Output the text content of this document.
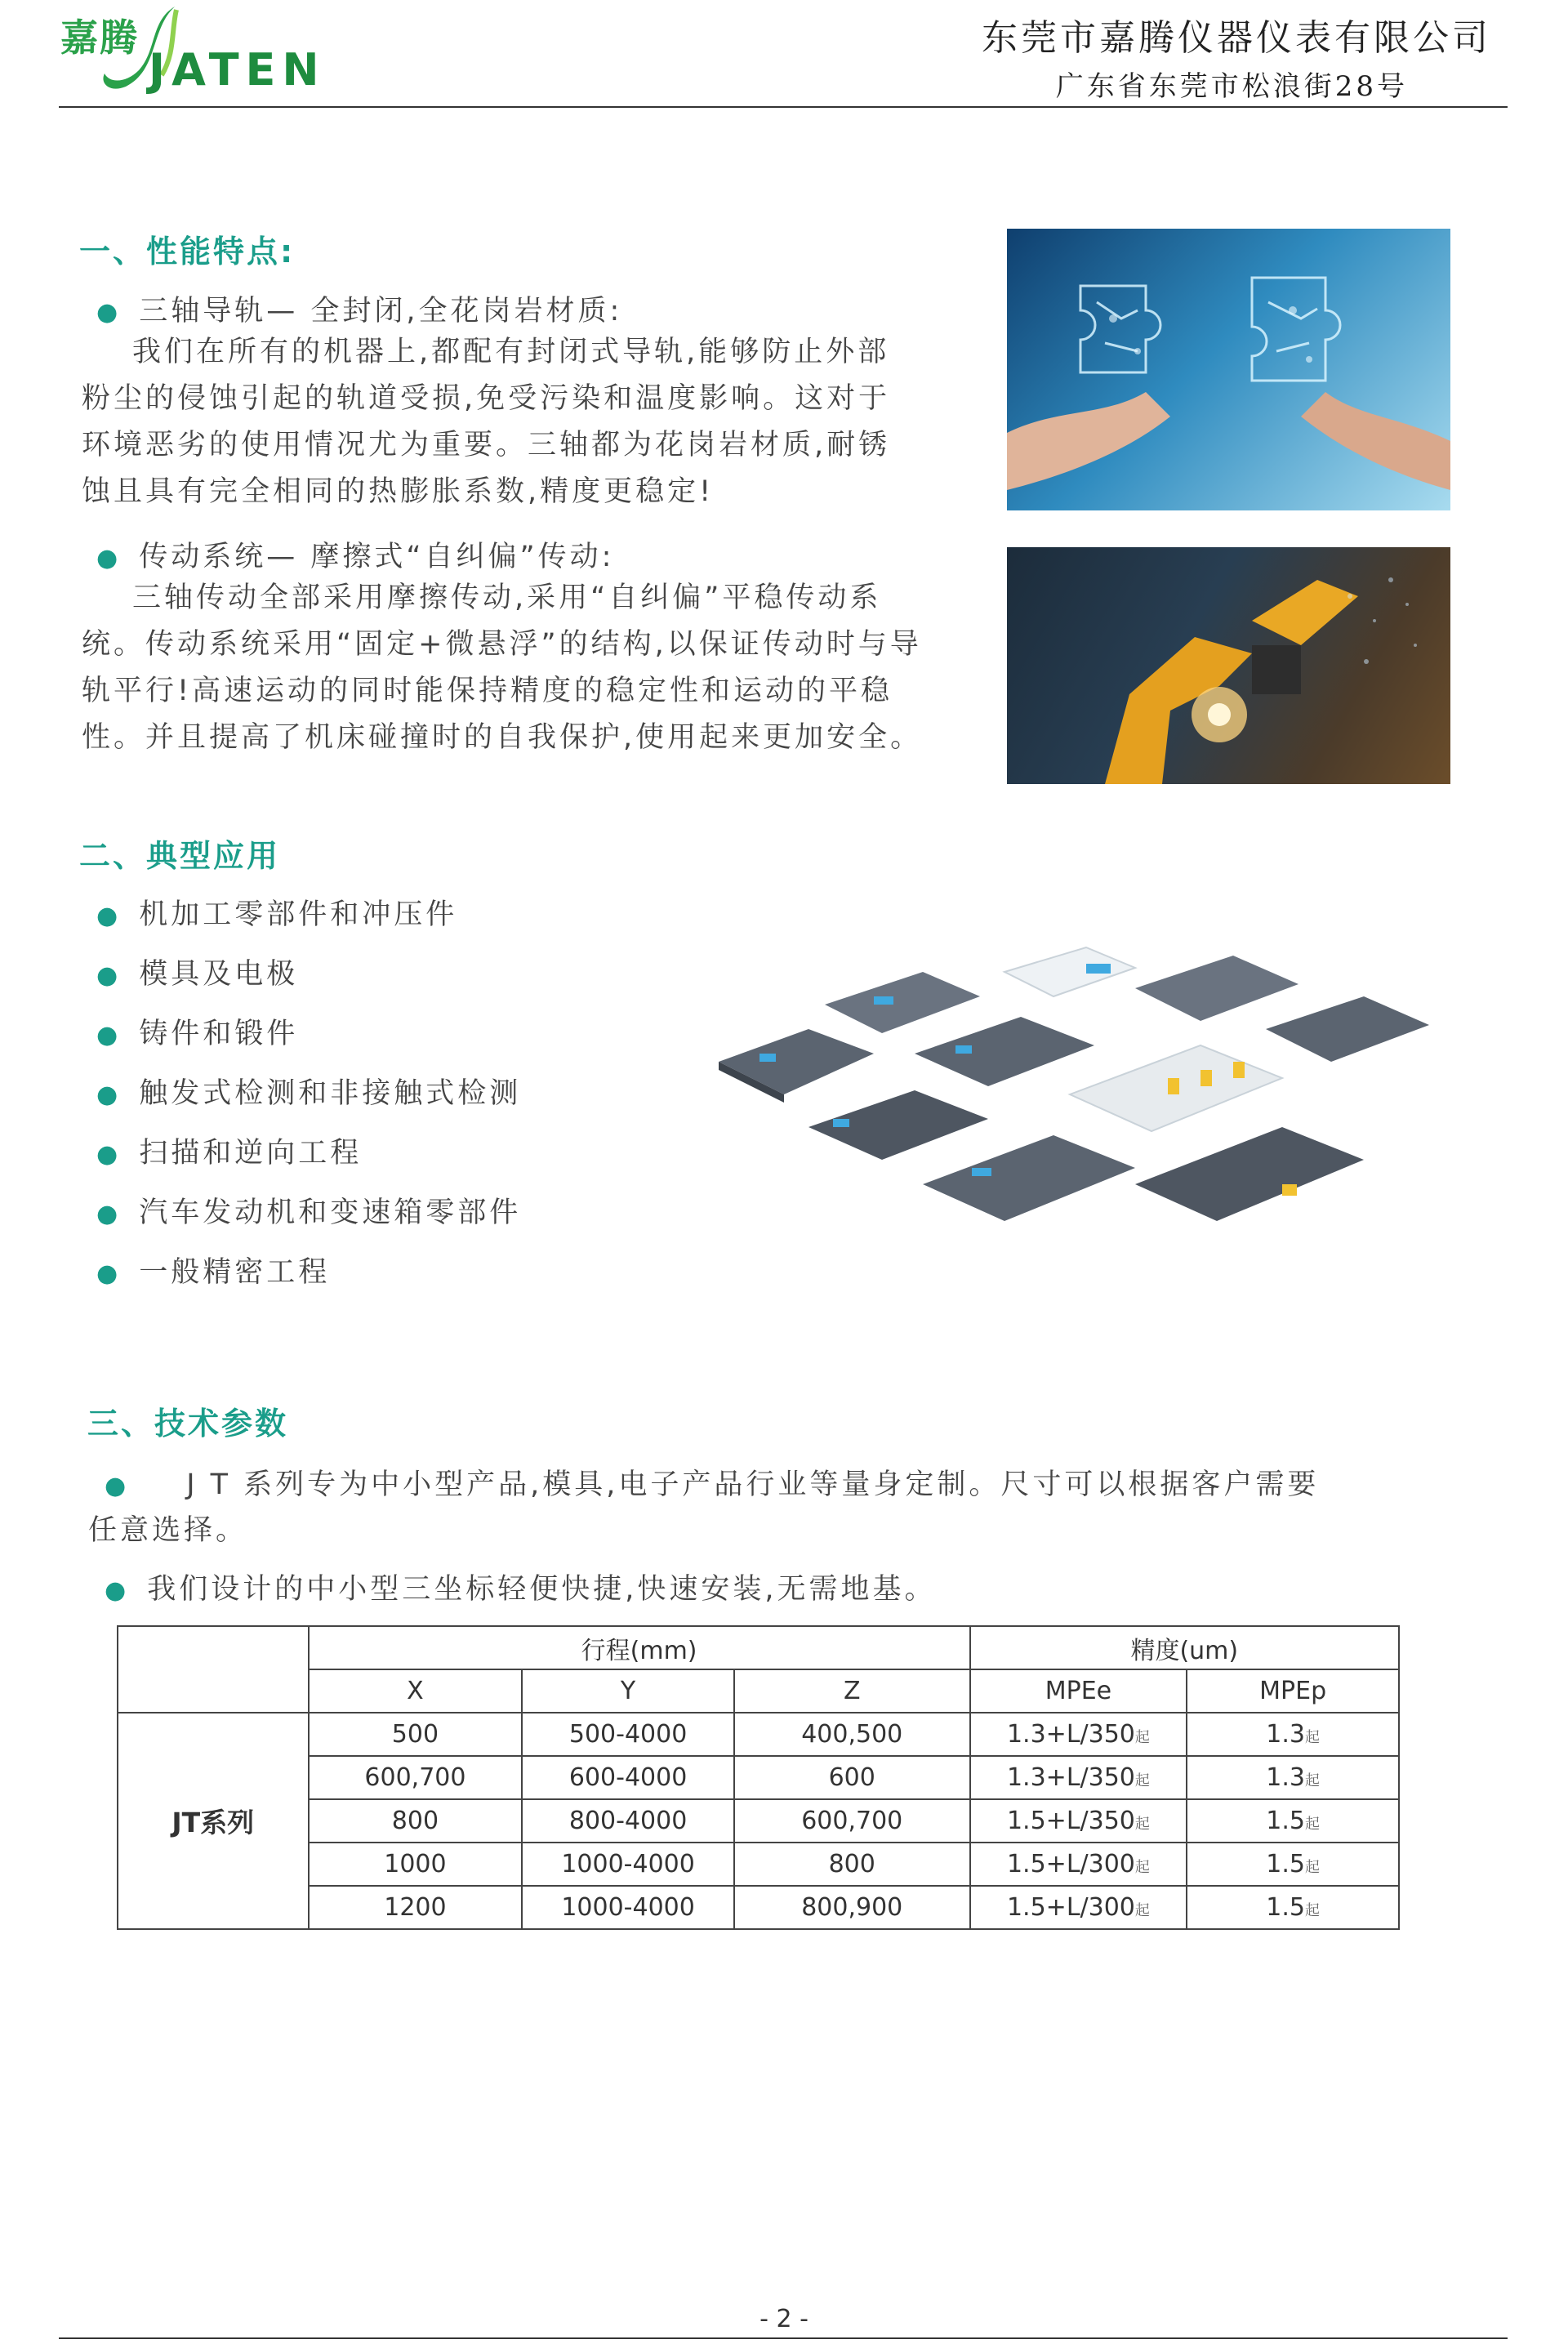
嘉腾
JATEN
东莞市嘉腾仪器仪表有限公司
广东省东莞市松浪街28号
一、性能特点:
● 三轴导轨— 全封闭,全花岗岩材质:
我们在所有的机器上,都配有封闭式导轨,能够防止外部
粉尘的侵蚀引起的轨道受损,免受污染和温度影响。这对于
环境恶劣的使用情况尤为重要。三轴都为花岗岩材质,耐锈
蚀且具有完全相同的热膨胀系数,精度更稳定!
● 传动系统— 摩擦式“自纠偏”传动:
三轴传动全部采用摩擦传动,采用“自纠偏”平稳传动系
统。传动系统采用“固定+微悬浮”的结构,以保证传动时与导
轨平行!高速运动的同时能保持精度的稳定性和运动的平稳
性。并且提高了机床碰撞时的自我保护,使用起来更加安全。
二、典型应用
● 机加工零部件和冲压件
● 模具及电极
● 铸件和锻件
● 触发式检测和非接触式检测
● 扫描和逆向工程
● 汽车发动机和变速箱零部件
● 一般精密工程
三、技术参数
● J T 系列专为中小型产品,模具,电子产品行业等量身定制。尺寸可以根据客户需要
任意选择。
● 我们设计的中小型三坐标轻便快捷,快速安装,无需地基。
	行程(mm)			精度(um)	
	X	Y	Z	MPEe	MPEp
JT系列	500	500-4000	400,500	1.3+L/350起	1.3起
	600,700	600-4000	600	1.3+L/350起	1.3起
	800	800-4000	600,700	1.5+L/350起	1.5起
	1000	1000-4000	800	1.5+L/300起	1.5起
	1200	1000-4000	800,900	1.5+L/300起	1.5起
- 2 -
